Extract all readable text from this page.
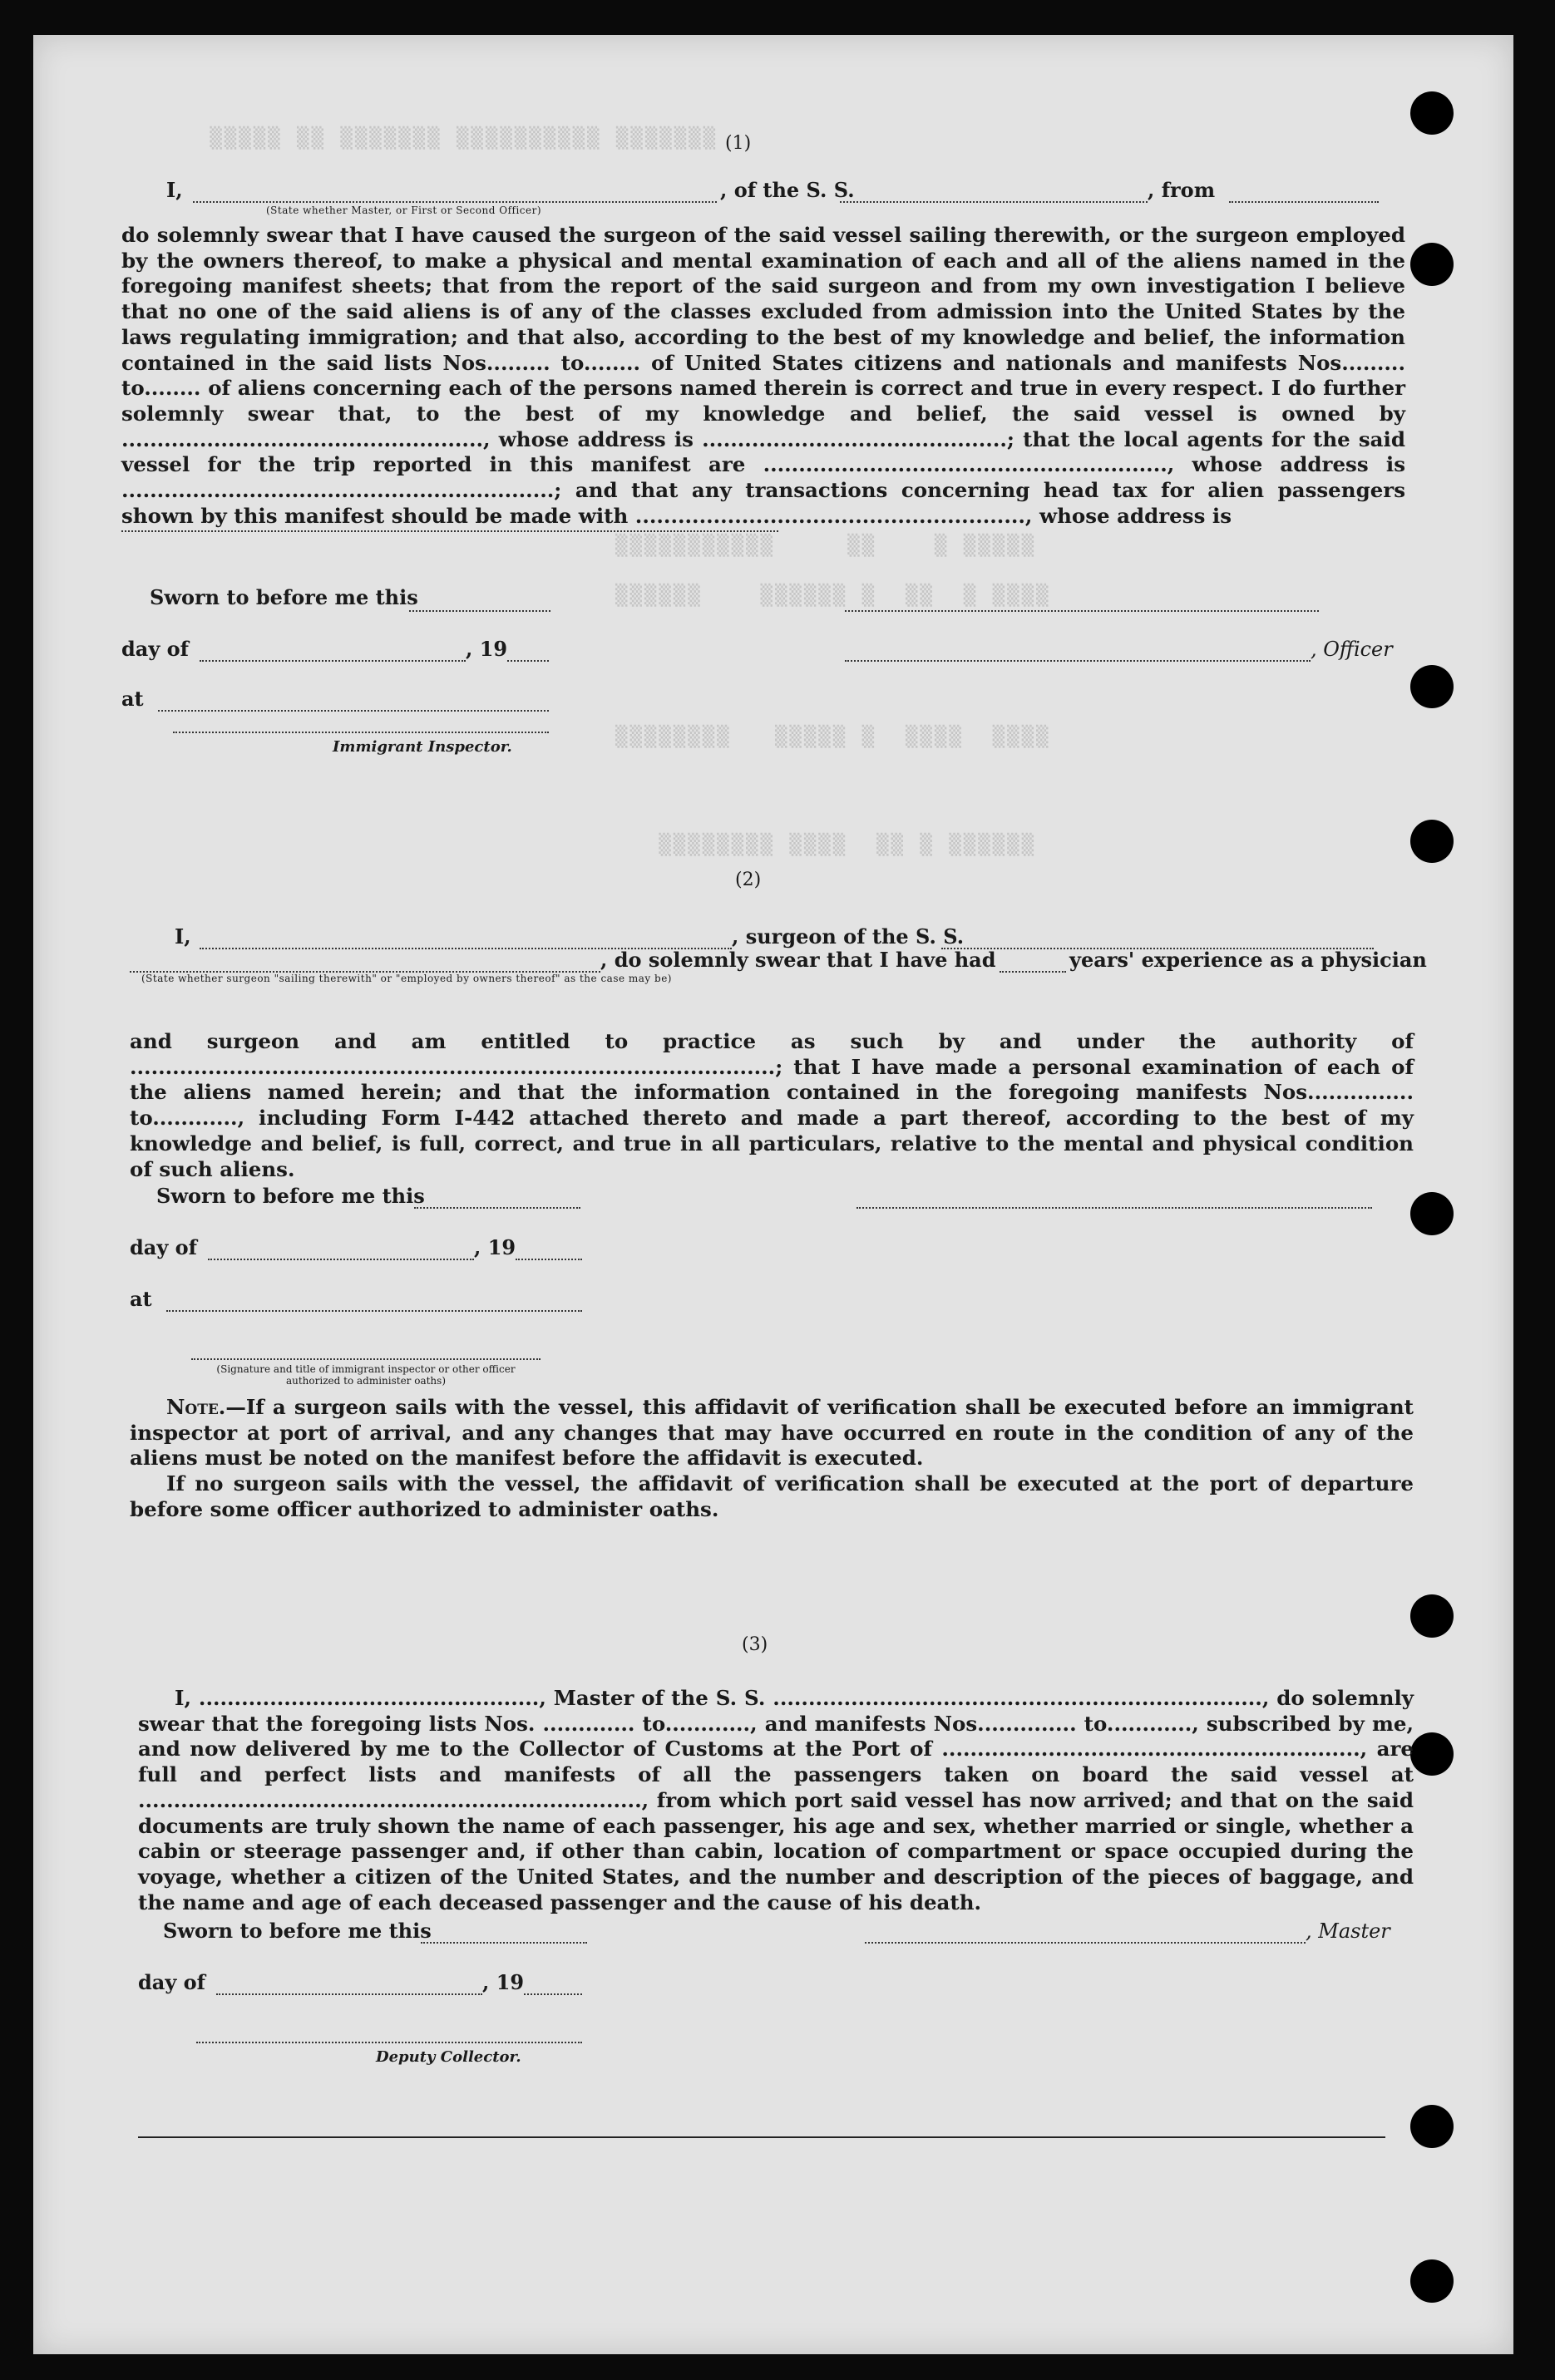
▒▒▒▒▒ ▒▒ ▒▒▒▒▒▒▒ ▒▒▒▒▒▒▒▒▒▒ ▒▒▒▒▒▒▒
▒▒▒▒▒▒▒▒▒▒▒     ▒▒    ▒ ▒▒▒▒▒
▒▒▒▒▒▒    ▒▒▒▒▒▒ ▒  ▒▒  ▒ ▒▒▒▒
▒▒▒▒▒▒▒▒   ▒▒▒▒▒ ▒  ▒▒▒▒  ▒▒▒▒
▒▒▒▒▒▒▒▒ ▒▒▒▒  ▒▒ ▒ ▒▒▒▒▒▒
(1)
I,	, of the S. S.	, from
(State whether Master, or First or Second Officer)

do solemnly swear that I have caused the surgeon of the said vessel sailing therewith, or the surgeon employed by the owners thereof, to make a physical and mental examination of each and all of the aliens named in the foregoing manifest sheets; that from the report of the said surgeon and from my own investigation I believe that no one of the said aliens is of any of the classes excluded from admission into the United States by the laws regulating immigration; and that also, according to the best of my knowledge and belief, the information contained in the said lists Nos......... to........ of United States citizens and nationals and manifests Nos......... to........ of aliens concerning each of the persons named therein is correct and true in every respect. I do further solemnly swear that, to the best of my knowledge and belief, the said vessel is owned by ..................................................., whose address is ...........................................; that the local agents for the said vessel for the trip reported in this manifest are ........................................................., whose address is .............................................................; and that any transactions concerning head tax for alien passengers shown by this manifest should be made with ......................................................., whose address is

Sworn to before me this
day of	, 19	, Officer
at
Immigrant Inspector.
(2)
I,	, surgeon of the S. S.
, do solemnly swear that I have had	years' experience as a physician
(State whether surgeon "sailing therewith" or "employed by owners thereof" as the case may be)

and surgeon and am entitled to practice as such by and under the authority of ...........................................................................................; that I have made a personal examination of each of the aliens named herein; and that the information contained in the foregoing manifests Nos............... to............, including Form I-442 attached thereto and made a part thereof, according to the best of my knowledge and belief, is full, correct, and true in all particulars, relative to the mental and physical condition of such aliens.

Sworn to before me this
day of	, 19
at
(Signature and title of immigrant inspector or other officer authorized to administer oaths)

Note.—If a surgeon sails with the vessel, this affidavit of verification shall be executed before an immigrant inspector at port of arrival, and any changes that may have occurred en route in the condition of any of the aliens must be noted on the manifest before the affidavit is executed.

If no surgeon sails with the vessel, the affidavit of verification shall be executed at the port of departure before some officer authorized to administer oaths.

(3)

I, ................................................, Master of the S. S. ....................................................................., do solemnly swear that the foregoing lists Nos. ............. to............, and manifests Nos.............. to............, subscribed by me, and now delivered by me to the Collector of Customs at the Port of ..........................................................., are full and perfect lists and manifests of all the passengers taken on board the said vessel at ......................................................................., from which port said vessel has now arrived; and that on the said documents are truly shown the name of each passenger, his age and sex, whether married or single, whether a cabin or steerage passenger and, if other than cabin, location of compartment or space occupied during the voyage, whether a citizen of the United States, and the number and description of the pieces of baggage, and the name and age of each deceased passenger and the cause of his death.

Sworn to before me this	, Master
day of	, 19
Deputy Collector.
